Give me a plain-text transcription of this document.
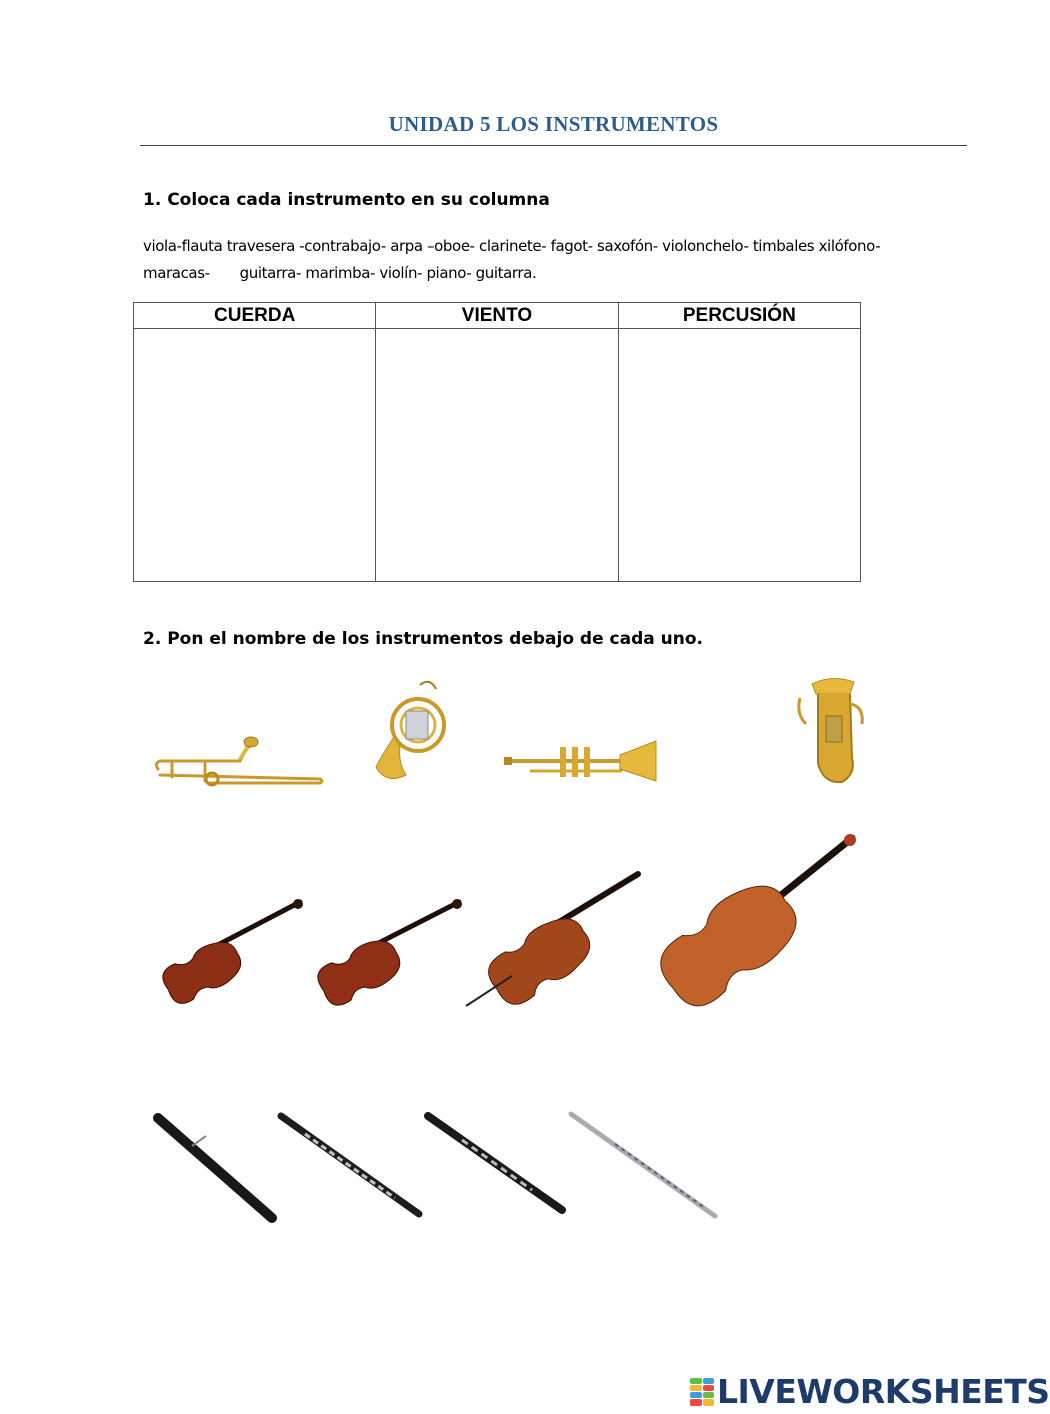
UNIDAD 5 LOS INSTRUMENTOS
1. Coloca cada instrumento en su columna
viola-flauta travesera -contrabajo- arpa –oboe- clarinete- fagot- saxofón- violonchelo- timbales xilófono-
maracas- guitarra- marimba- violín- piano- guitarra.
CUERDA	VIENTO	PERCUSIÓN

2. Pon el nombre de los instrumentos debajo de cada uno.
LIVEWORKSHEETS
